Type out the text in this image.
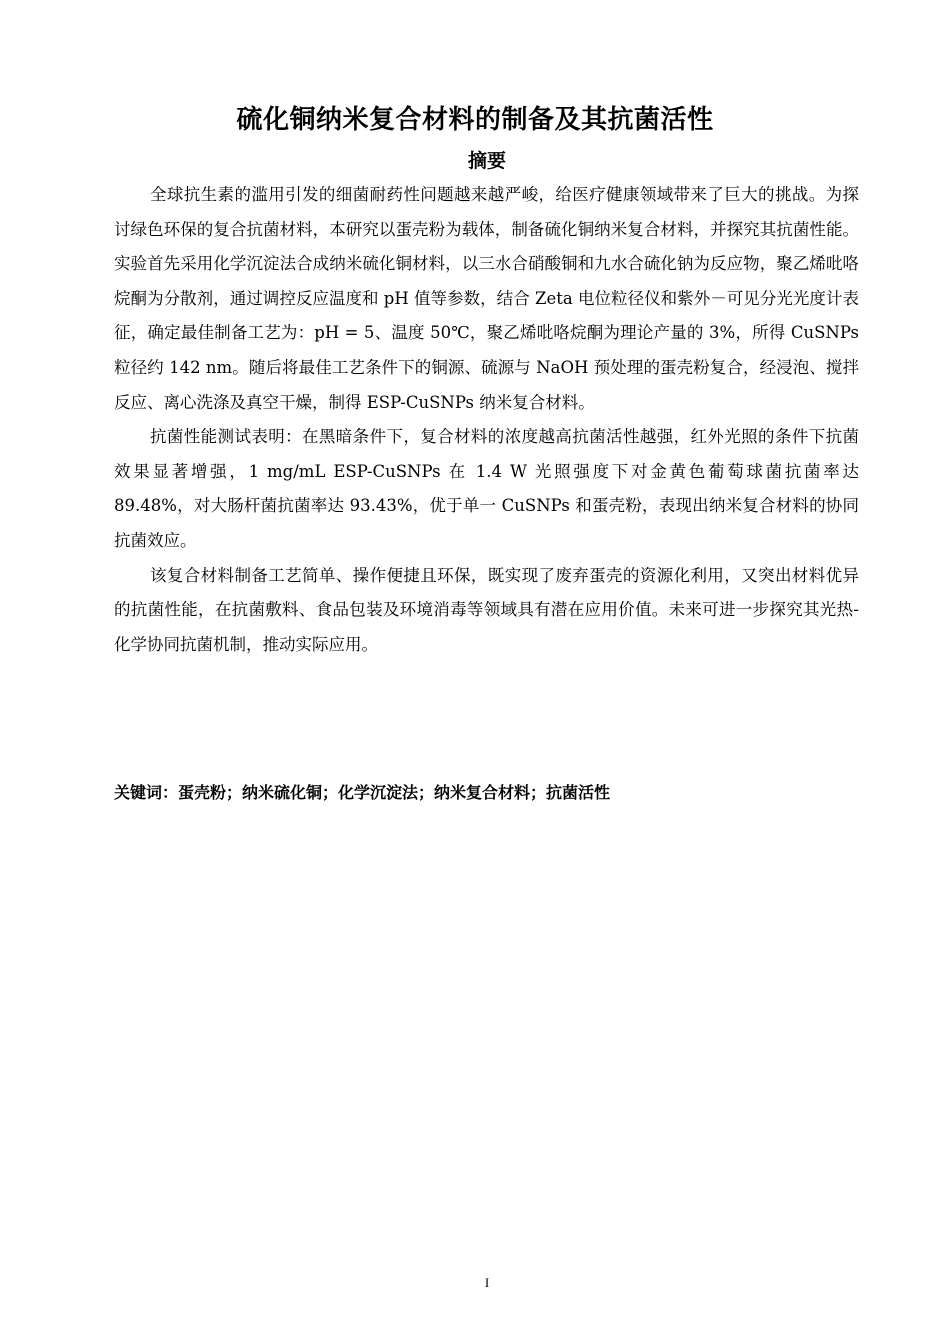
硫化铜纳米复合材料的制备及其抗菌活性
摘要

全球抗生素的滥用引发的细菌耐药性问题越来越严峻，给医疗健康领域带来了巨大的挑战。为探讨绿色环保的复合抗菌材料，本研究以蛋壳粉为载体，制备硫化铜纳米复合材料，并探究其抗菌性能。实验首先采用化学沉淀法合成纳米硫化铜材料，以三水合硝酸铜和九水合硫化钠为反应物，聚乙烯吡咯烷酮为分散剂，通过调控反应温度和 pH 值等参数，结合 Zeta 电位粒径仪和紫外－可见分光光度计表征，确定最佳制备工艺为：pH = 5、温度 50℃，聚乙烯吡咯烷酮为理论产量的 3%，所得 CuSNPs 粒径约 142 nm。随后将最佳工艺条件下的铜源、硫源与 NaOH 预处理的蛋壳粉复合，经浸泡、搅拌反应、离心洗涤及真空干燥，制得 ESP-CuSNPs 纳米复合材料。

抗菌性能测试表明：在黑暗条件下，复合材料的浓度越高抗菌活性越强，红外光照的条件下抗菌效果显著增强，1 mg/mL ESP-CuSNPs 在 1.4 W 光照强度下对金黄色葡萄球菌抗菌率达 89.48%，对大肠杆菌抗菌率达 93.43%，优于单一 CuSNPs 和蛋壳粉，表现出纳米复合材料的协同抗菌效应。

该复合材料制备工艺简单、操作便捷且环保，既实现了废弃蛋壳的资源化利用，又突出材料优异的抗菌性能，在抗菌敷料、食品包装及环境消毒等领域具有潜在应用价值。未来可进一步探究其光热-化学协同抗菌机制，推动实际应用。

关键词：蛋壳粉；纳米硫化铜；化学沉淀法；纳米复合材料；抗菌活性
I
